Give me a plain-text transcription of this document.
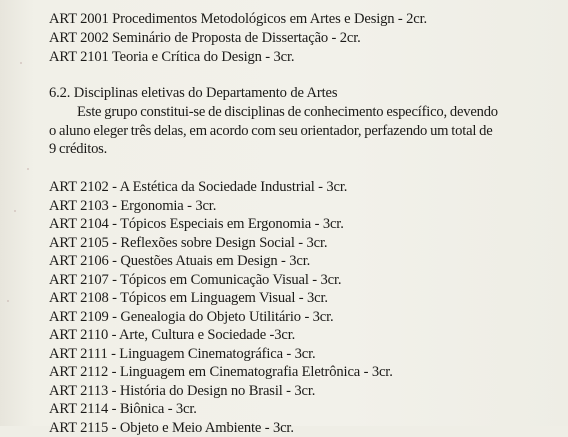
ART 2001 Procedimentos Metodológicos em Artes e Design - 2cr.
ART 2002 Seminário de Proposta de Dissertação - 2cr.
ART 2101 Teoria e Crítica do Design - 3cr.
6.2. Disciplinas eletivas do Departamento de Artes
Este grupo constitui-se de disciplinas de conhecimento específico, devendo
o aluno eleger três delas, em acordo com seu orientador, perfazendo um total de
9 créditos.
ART 2102 - A Estética da Sociedade Industrial - 3cr.
ART 2103 - Ergonomia - 3cr.
ART 2104 - Tópicos Especiais em Ergonomia - 3cr.
ART 2105 - Reflexões sobre Design Social - 3cr.
ART 2106 - Questões Atuais em Design - 3cr.
ART 2107 - Tópicos em Comunicação Visual - 3cr.
ART 2108 - Tópicos em Linguagem Visual - 3cr.
ART 2109 - Genealogia do Objeto Utilitário - 3cr.
ART 2110 - Arte, Cultura e Sociedade -3cr.
ART 2111 - Linguagem Cinematográfica - 3cr.
ART 2112 - Linguagem em Cinematografia Eletrônica - 3cr.
ART 2113 - História do Design no Brasil - 3cr.
ART 2114 - Biônica - 3cr.
ART 2115 - Objeto e Meio Ambiente - 3cr.
